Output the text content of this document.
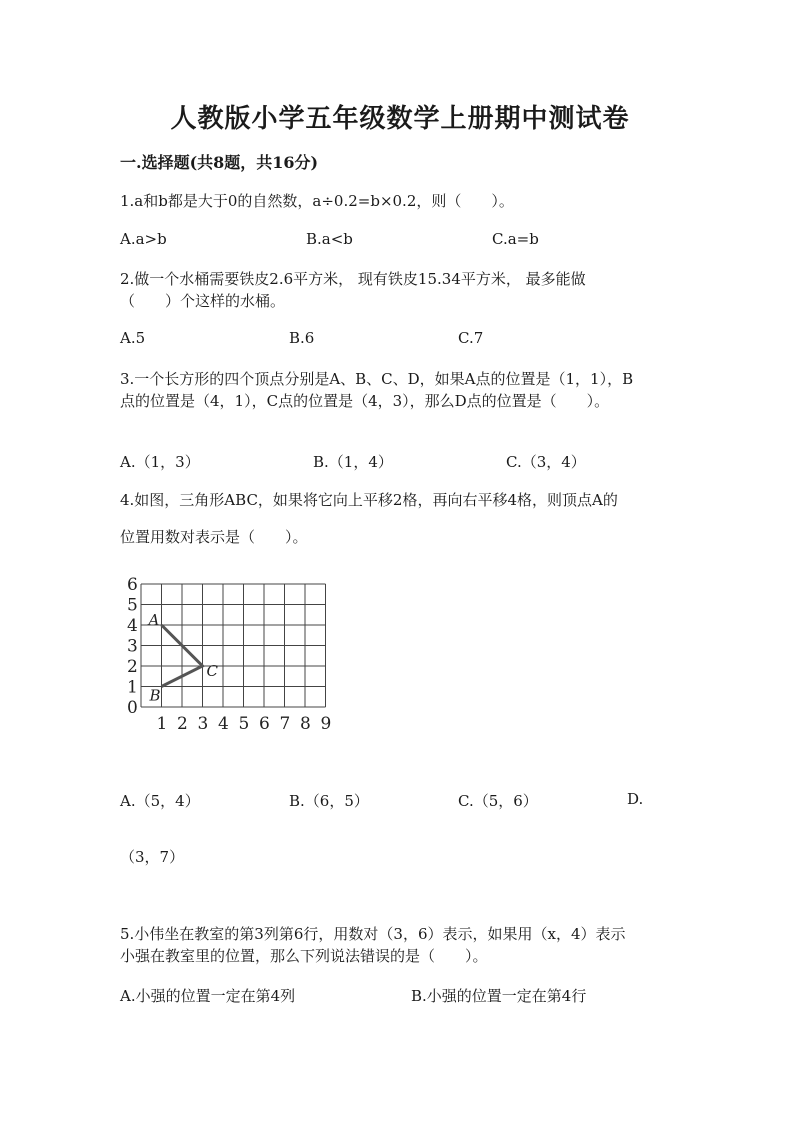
人教版小学五年级数学上册期中测试卷
一.选择题(共8题，共16分)
1.a和b都是大于0的自然数，a÷0.2=b×0.2，则（　　）。
A.a>b	B.a<b	C.a=b
2.做一个水桶需要铁皮2.6平方米， 现有铁皮15.34平方米， 最多能做
（　　）个这样的水桶。
A.5	B.6	C.7
3.一个长方形的四个顶点分别是A、B、C、D，如果A点的位置是（1，1），B
点的位置是（4，1），C点的位置是（4，3），那么D点的位置是（　　）。
A.（1，3）	B.（1，4）	C.（3，4）
4.如图，三角形ABC，如果将它向上平移2格，再向右平移4格，则顶点A的
位置用数对表示是（　　）。
0
1
2
3
4
5
6
1 2 3 4 5 6 7 8 9
A
B
C
A.（5，4）	B.（6，5）	C.（5，6）	D.
（3，7）
5.小伟坐在教室的第3列第6行，用数对（3，6）表示，如果用（x，4）表示
小强在教室里的位置，那么下列说法错误的是（　　）。
A.小强的位置一定在第4列	B.小强的位置一定在第4行
